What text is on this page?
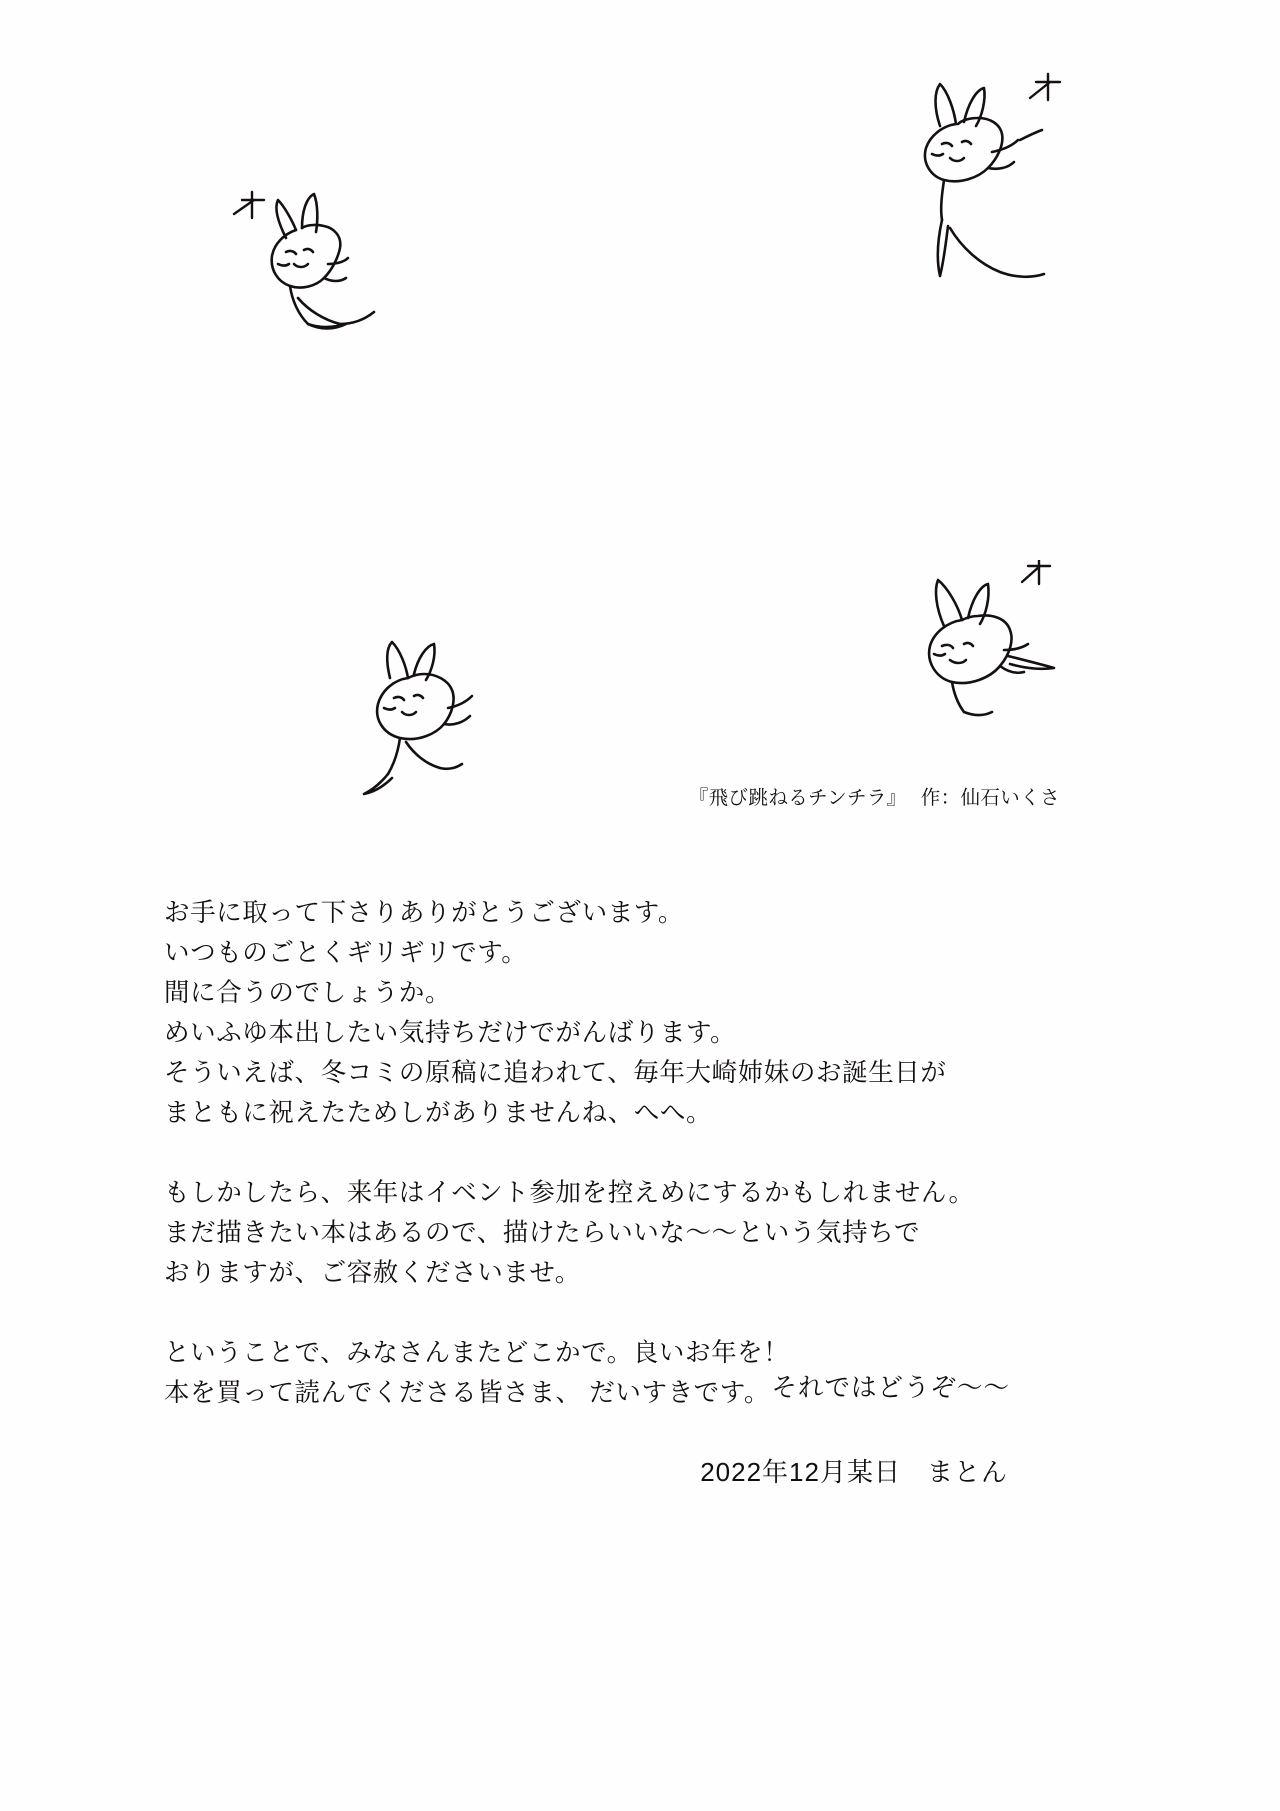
『飛び跳ねるチンチラ』 作：仙石いくさ

お手に取って下さりありがとうございます。

いつものごとくギリギリです。

間に合うのでしょうか。

めいふゆ本出したい気持ちだけでがんばります。

そういえば、冬コミの原稿に追われて、毎年大崎姉妹のお誕生日が

まともに祝えたためしがありませんね、へへ。

もしかしたら、来年はイベント参加を控えめにするかもしれません。

まだ描きたい本はあるので、描けたらいいな〜〜という気持ちで

おりますが、ご容赦くださいませ。

ということで、みなさんまたどこかで。良いお年を！

本を買って読んでくださる皆さま、 だいすきです。 それではどうぞ〜〜
2022年12月某日 まとん
